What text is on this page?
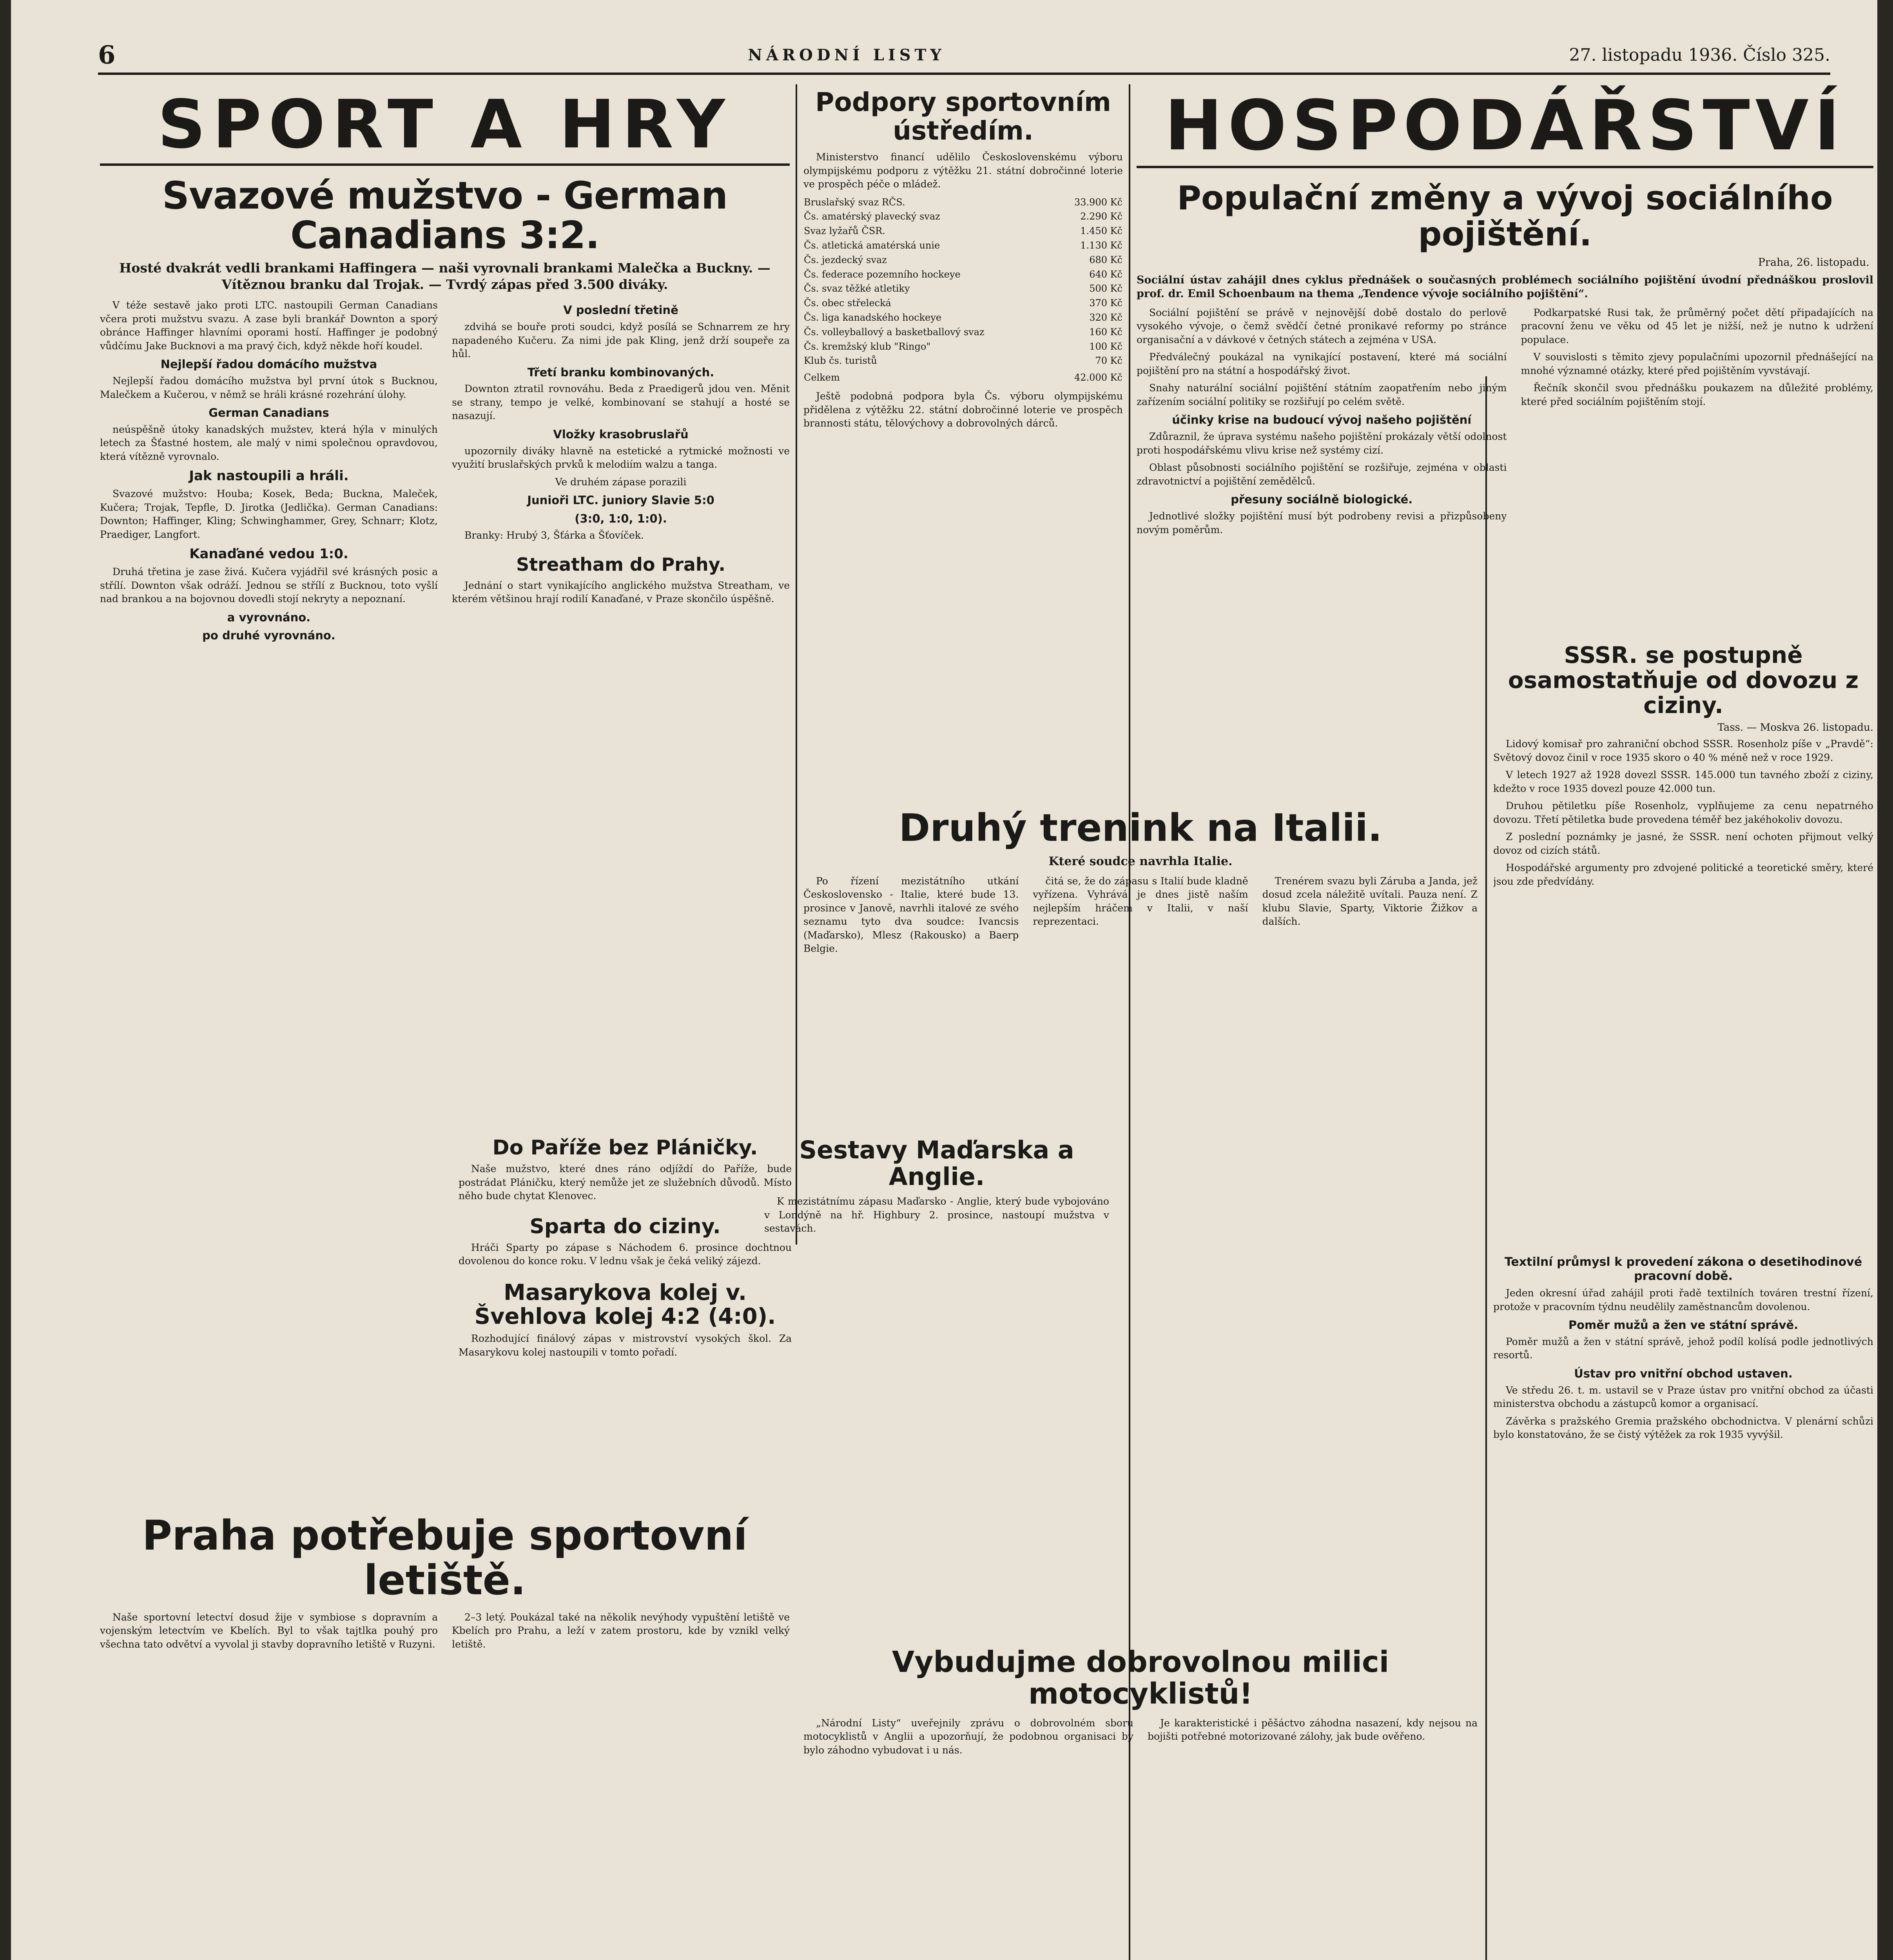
6	NÁRODNÍ LISTY	27. listopadu 1936. Číslo 325.
SPORT A HRY
Svazové mužstvo - German Canadians 3:2.
Hosté dvakrát vedli brankami Haffingera — naši vyrovnali brankami Malečka a Buckny. — Vítěznou branku dal Trojak. — Tvrdý zápas před 3.500 diváky.

V téže sestavě jako proti LTC. nastoupili German Canadians včera proti mužstvu svazu. A zase byli brankář Downton a sporý obránce Haffinger hlavními oporami hostí. Haffinger je podobný vůdčímu Jake Bucknovi a ma pravý čich, když někde hoří koudel.

Nejlepší řadou domácího mužstva

Nejlepší řadou domácího mužstva byl první útok s Bucknou, Malečkem a Kučerou, v němž se hráli krásné rozehrání úlohy.

German Canadians

neúspěšně útoky kanadských mužstev, která hýla v minulých letech za Šťastné hostem, ale malý v nimi společnou opravdovou, která vítězně vyrovnalo.

Jak nastoupili a hráli.

Svazové mužstvo: Houba; Kosek, Beda; Buckna, Maleček, Kučera; Trojak, Tepfle, D. Jirotka (Jedlička). German Canadians: Downton; Haffinger, Kling; Schwinghammer, Grey, Schnarr; Klotz, Praediger, Langfort.

Kanaďané vedou 1:0.

Druhá třetina je zase živá. Kučera vyjádřil své krásných posic a střílí. Downton však odráží. Jednou se střílí z Bucknou, toto vyšlí nad brankou a na bojovnou dovedli stojí nekryty a nepoznaní.

a vyrovnáno.
po druhé vyrovnáno.
V poslední třetině

zdvihá se bouře proti soudci, když posílá se Schnarrem ze hry napadeného Kučeru. Za nimi jde pak Kling, jenž drží soupeře za hůl.

Třetí branku kombinovaných.

Downton ztratil rovnováhu. Beda z Praedigerů jdou ven. Měnit se strany, tempo je velké, kombinovaní se stahují a hosté se nasazují.

Vložky krasobruslařů

upozornily diváky hlavně na estetické a rytmické možnosti ve využití bruslařských prvků k melodiím walzu a tanga.

Ve druhém zápase porazili
Junioři LTC. juniory Slavie 5:0
(3:0, 1:0, 1:0).

Branky: Hrubý 3, Šťárka a Šťovíček.

Streatham do Prahy.

Jednání o start vynikajícího anglického mužstva Streatham, ve kterém většinou hrají rodilí Kanaďané, v Praze skončilo úspěšně.

Podpory sportovním ústředím.

Ministerstvo financí udělilo Československému výboru olympijskému podporu z výtěžku 21. státní dobročinné loterie ve prospěch péče o mládež.

Bruslařský svaz RČS.	33.900 Kč
Čs. amatérský plavecký svaz	2.290 Kč
Svaz lyžařů ČSR.	1.450 Kč
Čs. atletická amatérská unie	1.130 Kč
Čs. jezdecký svaz	680 Kč
Čs. federace pozemního hockeye	640 Kč
Čs. svaz těžké atletiky	500 Kč
Čs. obec střelecká	370 Kč
Čs. liga kanadského hockeye	320 Kč
Čs. volleyballový a basketballový svaz	160 Kč
Čs. kremžský klub "Ringo"	100 Kč
Klub čs. turistů	70 Kč
Celkem	42.000 Kč

Ještě podobná podpora byla Čs. výboru olympijskému přidělena z výtěžku 22. státní dobročinné loterie ve prospěch brannosti státu, tělovýchovy a dobrovolných dárců.

Druhý trenink na Italii.
Které soudce navrhla Italie.

Po řízení mezistátního utkání Československo - Italie, které bude 13. prosince v Janově, navrhli italové ze svého seznamu tyto dva soudce: Ivancsis (Maďarsko), Mlesz (Rakousko) a Baerp Belgie.

čitá se, že do zápasu s Italií bude kladně vyřízena. Vyhrává je dnes jistě naším nejlepším hráčem v Italii, v naší reprezentaci.

Trenérem svazu byli Záruba a Janda, jež dosud zcela náležitě uvítali. Pauza není. Z klubu Slavie, Sparty, Viktorie Žižkov a dalších.

Do Paříže bez Pláničky.

Naše mužstvo, které dnes ráno odjíždí do Paříže, bude postrádat Pláničku, který nemůže jet ze služebních důvodů. Místo něho bude chytat Klenovec.

Sparta do ciziny.

Hráči Sparty po zápase s Náchodem 6. prosince dochtnou dovolenou do konce roku. V lednu však je čeká veliký zájezd.

Masarykova kolej v. Švehlova kolej 4:2 (4:0).

Rozhodující finálový zápas v mistrovství vysokých škol. Za Masarykovu kolej nastoupili v tomto pořadí.

Sestavy Maďarska a Anglie.

K mezistátnímu zápasu Maďarsko - Anglie, který bude vybojováno v Londýně na hř. Highbury 2. prosince, nastoupí mužstva v sestavách.

Praha potřebuje sportovní letiště.

Naše sportovní letectví dosud žije v symbiose s dopravním a vojenským letectvím ve Kbelích. Byl to však tajtlka pouhý pro všechna tato odvětví a vyvolal ji stavby dopravního letiště v Ruzyni.

2–3 letý. Poukázal také na několik nevýhody vypuštění letiště ve Kbelích pro Prahu, a leží v zatem prostoru, kde by vznikl velký letiště.

Vybudujme dobrovolnou milici motocyklistů!

„Národní Listy“ uveřejnily zprávu o dobrovolném sboru motocyklistů v Anglii a upozorňují, že podobnou organisaci by bylo záhodno vybudovat i u nás.

Je karakteristické i pěšáctvo záhodna nasazení, kdy nejsou na bojišti potřebné motorizované zálohy, jak bude ověřeno.

HOSPODÁŘSTVÍ
Populační změny a vývoj sociálního pojištění.
Praha, 26. listopadu.
Sociální ústav zahájil dnes cyklus přednášek o současných problémech sociálního pojištění úvodní přednáškou proslovil prof. dr. Emil Schoenbaum na thema „Tendence vývoje sociálního pojištění“.

Sociální pojištění se právě v nejnovější době dostalo do perlově vysokého vývoje, o čemž svědčí četné pronikavé reformy po stránce organisační a v dávkové v četných státech a zejména v USA.

Předválečný poukázal na vynikající postavení, které má sociální pojištění pro na státní a hospodářský život.

Snahy naturální sociální pojištění státním zaopatřením nebo jiným zařízením sociální politiky se rozšiřují po celém světě.

účinky krise na budoucí vývoj našeho pojištění

Zdůraznil, že úprava systému našeho pojištění prokázaly větší odolnost proti hospodářskému vlivu krise než systémy cizí.

Oblast působnosti sociálního pojištění se rozšiřuje, zejména v oblasti zdravotnictví a pojištění zemědělců.

přesuny sociálně biologické.

Jednotlivé složky pojištění musí být podrobeny revisi a přizpůsobeny novým poměrům.

Podkarpatské Rusi tak, že průměrný počet dětí připadajících na pracovní ženu ve věku od 45 let je nižší, než je nutno k udržení populace.

V souvislosti s těmito zjevy populačními upozornil přednášející na mnohé významné otázky, které před pojištěním vyvstávají.

Řečník skončil svou přednášku poukazem na důležité problémy, které před sociálním pojištěním stojí.

SSSR. se postupně osamostatňuje od dovozu z ciziny.
Tass. — Moskva 26. listopadu.

Lidový komisař pro zahraniční obchod SSSR. Rosenholz píše v „Pravdě“: Světový dovoz činil v roce 1935 skoro o 40 % méně než v roce 1929.

V letech 1927 až 1928 dovezl SSSR. 145.000 tun tavného zboží z ciziny, kdežto v roce 1935 dovezl pouze 42.000 tun.

Druhou pětiletku píše Rosenholz, vyplňujeme za cenu nepatrného dovozu. Třetí pětiletka bude provedena téměř bez jakéhokoliv dovozu.

Z poslední poznámky je jasné, že SSSR. není ochoten přijmout velký dovoz od cizích států.

Hospodářské argumenty pro zdvojené politické a teoretické směry, které jsou zde předvídány.

Textilní průmysl k provedení zákona o desetihodinové pracovní době.

Jeden okresní úřad zahájil proti řadě textilních továren trestní řízení, protože v pracovním týdnu neudělily zaměstnancům dovolenou.

Poměr mužů a žen ve státní správě.

Poměr mužů a žen v státní správě, jehož podíl kolísá podle jednotlivých resortů.

Ústav pro vnitřní obchod ustaven.

Ve středu 26. t. m. ustavil se v Praze ústav pro vnitřní obchod za účasti ministerstva obchodu a zástupců komor a organisací.

Závěrka s pražského Gremia pražského obchodnictva. V plenární schůzi bylo konstatováno, že se čistý výtěžek za rok 1935 vyvýšil.
